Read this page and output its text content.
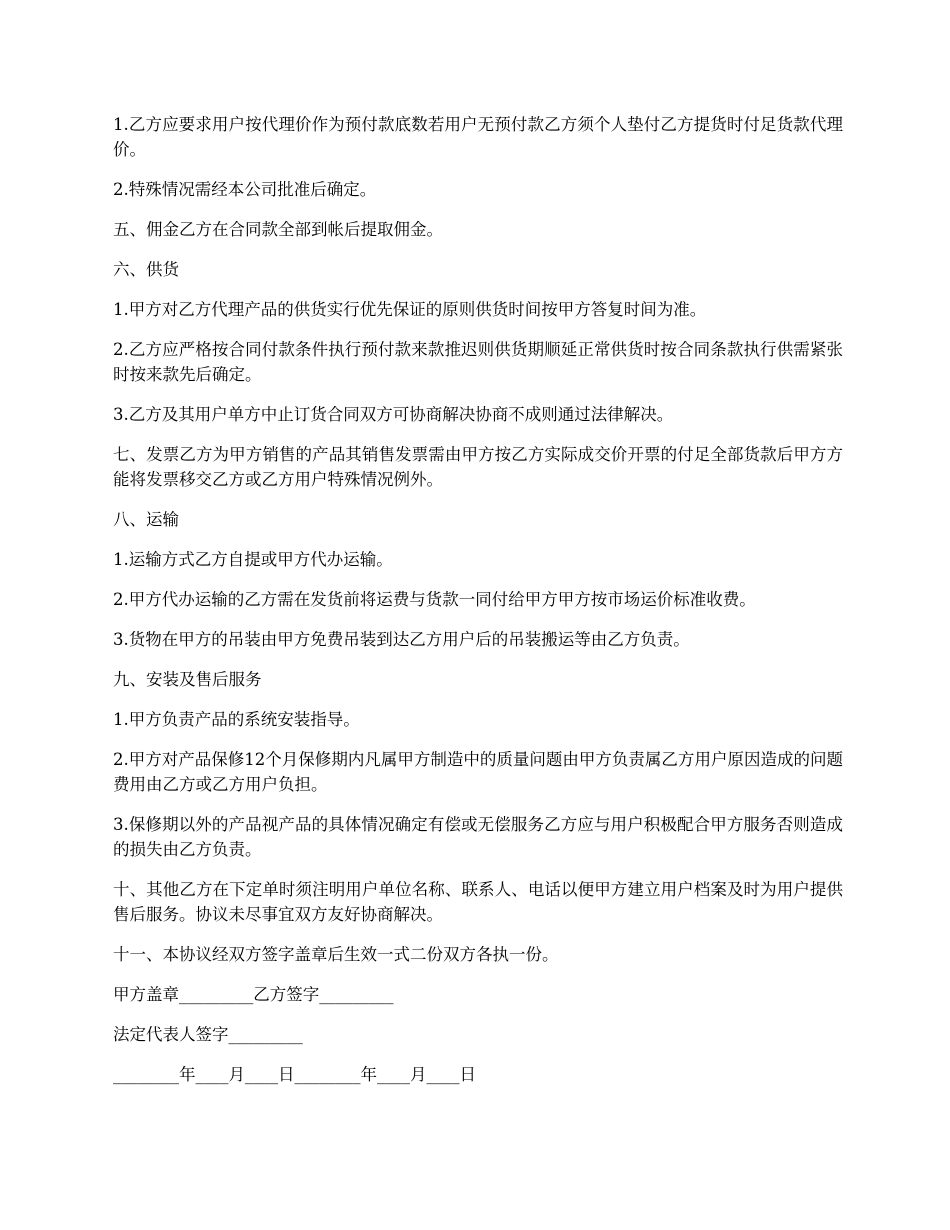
1.乙方应要求用户按代理价作为预付款底数若用户无预付款乙方须个人垫付乙方提货时付足货款代理价。

2.特殊情况需经本公司批准后确定。

五、佣金乙方在合同款全部到帐后提取佣金。

六、供货

1.甲方对乙方代理产品的供货实行优先保证的原则供货时间按甲方答复时间为准。

2.乙方应严格按合同付款条件执行预付款来款推迟则供货期顺延正常供货时按合同条款执行供需紧张时按来款先后确定。

3.乙方及其用户单方中止订货合同双方可协商解决协商不成则通过法律解决。

七、发票乙方为甲方销售的产品其销售发票需由甲方按乙方实际成交价开票的付足全部货款后甲方方能将发票移交乙方或乙方用户特殊情况例外。

八、运输

1.运输方式乙方自提或甲方代办运输。

2.甲方代办运输的乙方需在发货前将运费与货款一同付给甲方甲方按市场运价标准收费。

3.货物在甲方的吊装由甲方免费吊装到达乙方用户后的吊装搬运等由乙方负责。

九、安装及售后服务

1.甲方负责产品的系统安装指导。

2.甲方对产品保修12个月保修期内凡属甲方制造中的质量问题由甲方负责属乙方用户原因造成的问题费用由乙方或乙方用户负担。

3.保修期以外的产品视产品的具体情况确定有偿或无偿服务乙方应与用户积极配合甲方服务否则造成的损失由乙方负责。

十、其他乙方在下定单时须注明用户单位名称、联系人、电话以便甲方建立用户档案及时为用户提供售后服务。协议未尽事宜双方友好协商解决。

十一、本协议经双方签字盖章后生效一式二份双方各执一份。

甲方盖章_________乙方签字_________

法定代表人签字_________

________年____月____日________年____月____日
